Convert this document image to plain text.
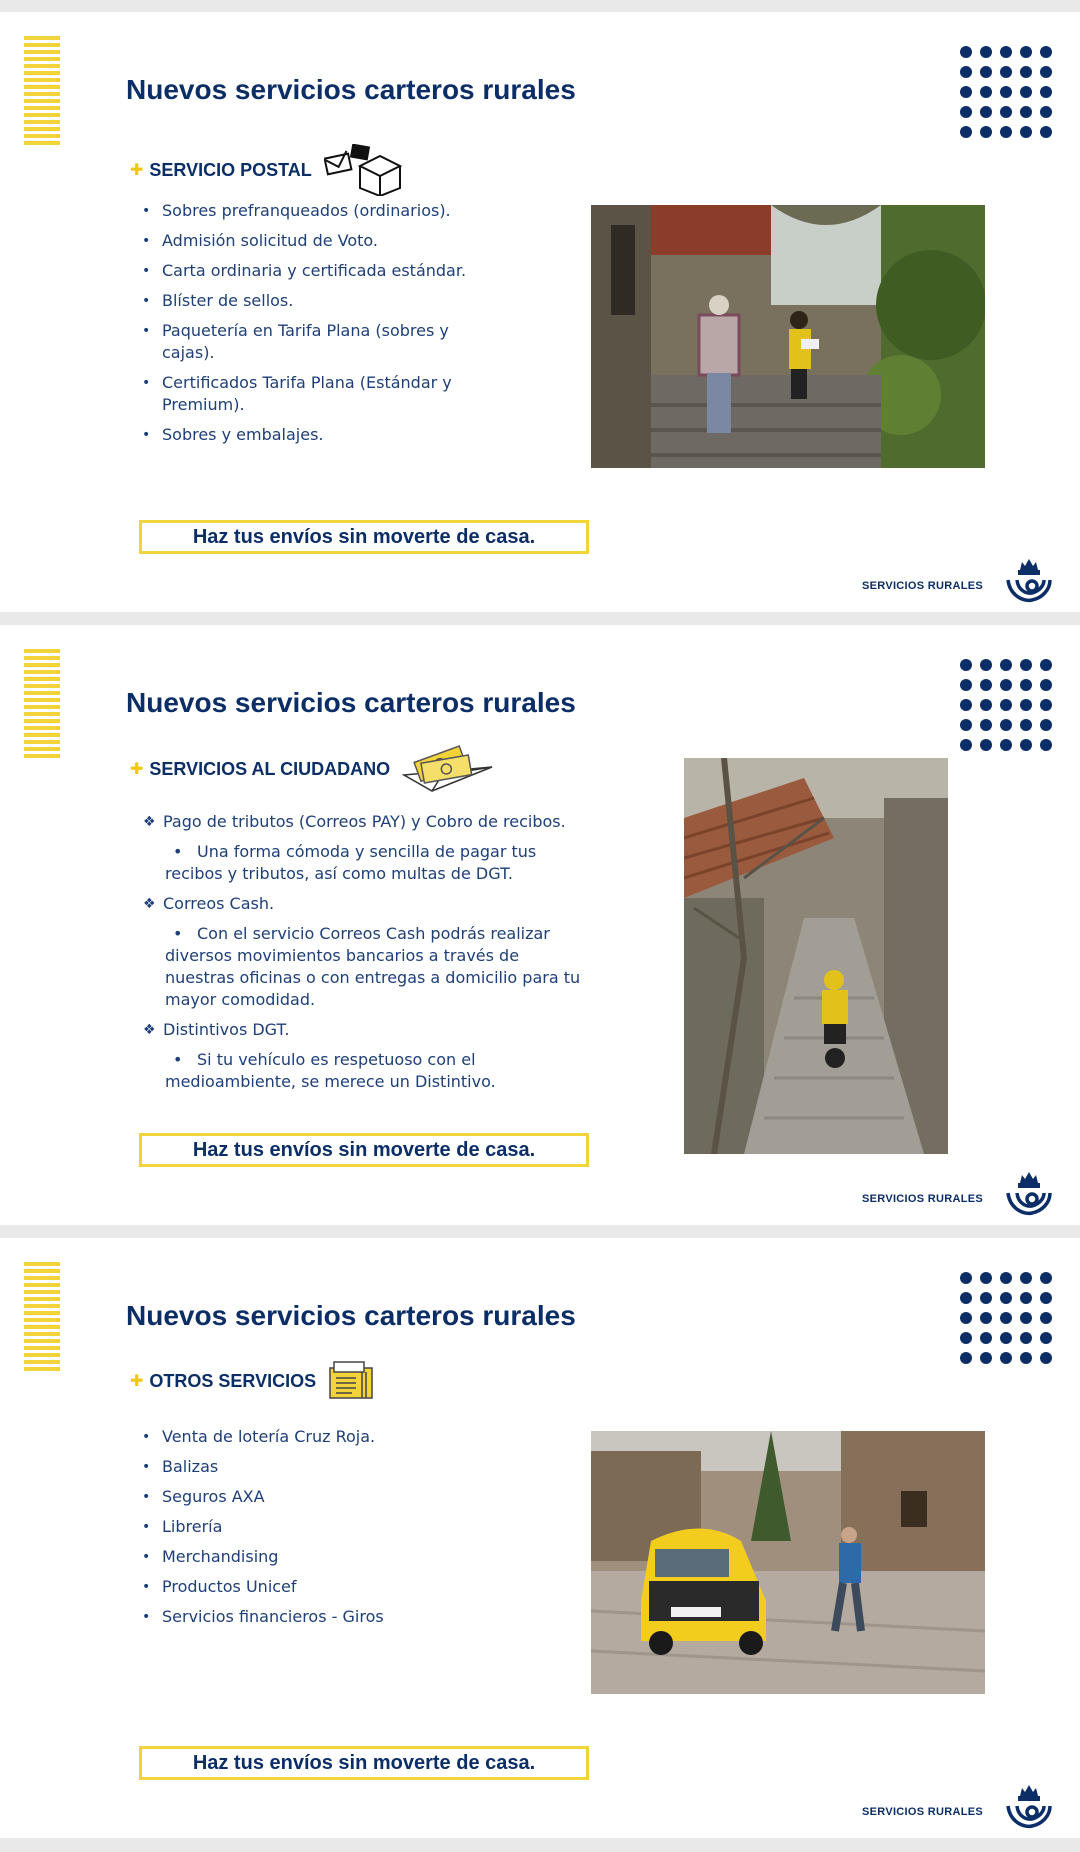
Nuevos servicios carteros rurales
✚ SERVICIO POSTAL
• Sobres prefranqueados (ordinarios).
• Admisión solicitud de Voto.
• Carta ordinaria y certificada estándar.
• Blíster de sellos.
• Paquetería en Tarifa Plana (sobres y cajas).
• Certificados Tarifa Plana (Estándar y Premium).
• Sobres y embalajes.
Haz tus envíos sin moverte de casa.
SERVICIOS RURALES
Nuevos servicios carteros rurales
✚ SERVICIOS AL CIUDADANO
❖ Pago de tributos (Correos PAY) y Cobro de recibos.
• Una forma cómoda y sencilla de pagar tus recibos y tributos, así como multas de DGT.
❖ Correos Cash.
• Con el servicio Correos Cash podrás realizar diversos movimientos bancarios a través de nuestras oficinas o con entregas a domicilio para tu mayor comodidad.
❖ Distintivos DGT.
• Si tu vehículo es respetuoso con el medioambiente, se merece un Distintivo.
Haz tus envíos sin moverte de casa.
SERVICIOS RURALES
Nuevos servicios carteros rurales
✚ OTROS SERVICIOS
• Venta de lotería Cruz Roja.
• Balizas
• Seguros AXA
• Librería
• Merchandising
• Productos Unicef
• Servicios financieros - Giros
Haz tus envíos sin moverte de casa.
SERVICIOS RURALES
